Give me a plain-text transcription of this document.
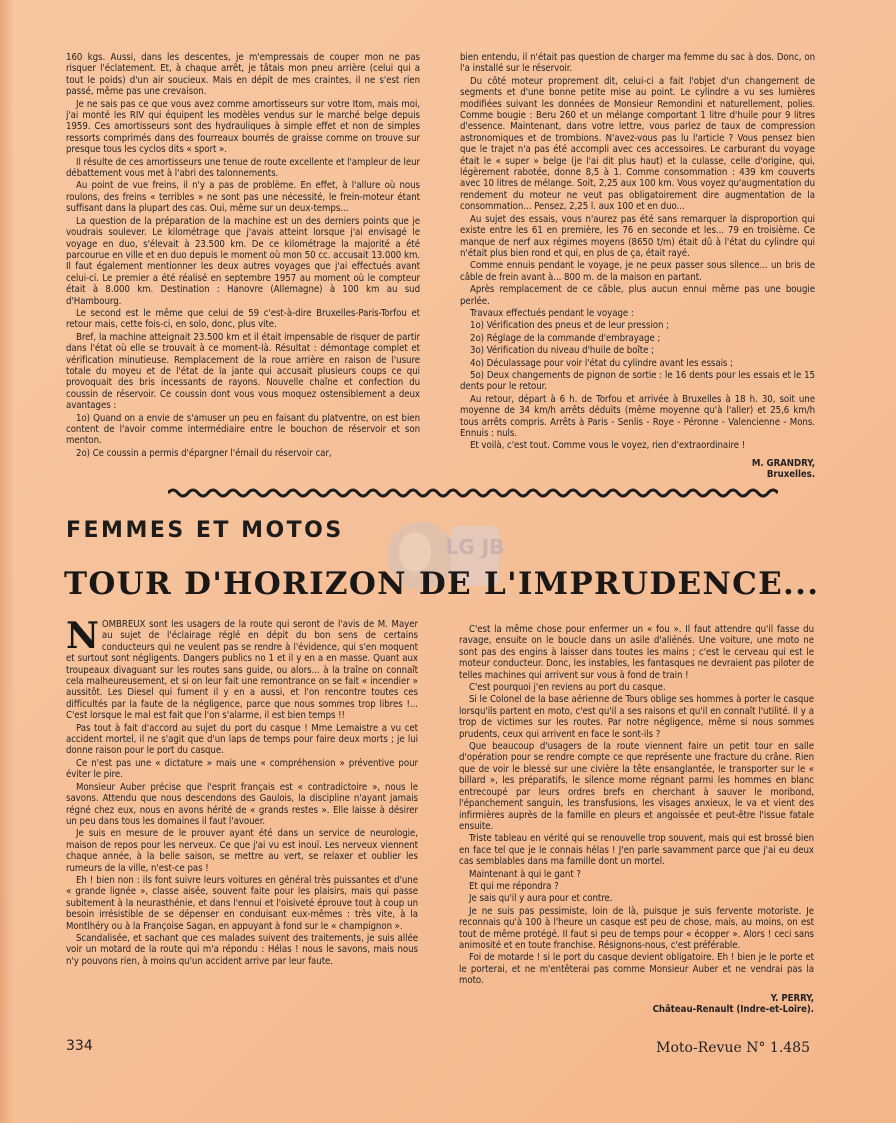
160 kgs. Aussi, dans les descentes, je m'empressais de couper mon ne pas risquer l'éclatement. Et, à chaque arrêt, je tâtais mon pneu arrière (celui qui a tout le poids) d'un air soucieux. Mais en dépit de mes craintes, il ne s'est rien passé, même pas une crevaison.

Je ne sais pas ce que vous avez comme amortisseurs sur votre Itom, mais moi, j'ai monté les RIV qui équipent les modèles vendus sur le marché belge depuis 1959. Ces amortisseurs sont des hydrauliques à simple effet et non de simples ressorts comprimés dans des fourreaux bourrés de graisse comme on trouve sur presque tous les cyclos dits « sport ».

Il résulte de ces amortisseurs une tenue de route excellente et l'ampleur de leur débattement vous met à l'abri des talonnements.

Au point de vue freins, il n'y a pas de problème. En effet, à l'allure où nous roulons, des freins « terribles » ne sont pas une nécessité, le frein-moteur étant suffisant dans la plupart des cas. Oui, même sur un deux-temps...

La question de la préparation de la machine est un des derniers points que je voudrais soulever. Le kilométrage que j'avais atteint lorsque j'ai envisagé le voyage en duo, s'élevait à 23.500 km. De ce kilométrage la majorité a été parcourue en ville et en duo depuis le moment où mon 50 cc. accusait 13.000 km. Il faut également mentionner les deux autres voyages que j'ai effectués avant celui-ci. Le premier a été réalisé en septembre 1957 au moment où le compteur était à 8.000 km. Destination : Hanovre (Allemagne) à 100 km au sud d'Hambourg.

Le second est le même que celui de 59 c'est-à-dire Bruxelles-Paris-Torfou et retour mais, cette fois-ci, en solo, donc, plus vite.

Bref, la machine atteignait 23.500 km et il était impensable de risquer de partir dans l'état où elle se trouvait à ce moment-là. Résultat : démontage complet et vérification minutieuse. Remplacement de la roue arrière en raison de l'usure totale du moyeu et de l'état de la jante qui accusait plusieurs coups ce qui provoquait des bris incessants de rayons. Nouvelle chaîne et confection du coussin de réservoir. Ce coussin dont vous vous moquez ostensiblement a deux avantages :

1o) Quand on a envie de s'amuser un peu en faisant du platventre, on est bien content de l'avoir comme intermédiaire entre le bouchon de réservoir et son menton.

2o) Ce coussin a permis d'épargner l'émail du réservoir car,

bien entendu, il n'était pas question de charger ma femme du sac à dos. Donc, on l'a installé sur le réservoir.

Du côté moteur proprement dit, celui-ci a fait l'objet d'un changement de segments et d'une bonne petite mise au point. Le cylindre a vu ses lumières modifiées suivant les données de Monsieur Remondini et naturellement, polies. Comme bougie : Beru 260 et un mélange comportant 1 litre d'huile pour 9 litres d'essence. Maintenant, dans votre lettre, vous parlez de taux de compression astronomiques et de trombions. N'avez-vous pas lu l'article ? Vous pensez bien que le trajet n'a pas été accompli avec ces accessoires. Le carburant du voyage était le « super » belge (je l'ai dit plus haut) et la culasse, celle d'origine, qui, légèrement rabotée, donne 8,5 à 1. Comme consommation : 439 km couverts avec 10 litres de mélange. Soit, 2,25 aux 100 km. Vous voyez qu'augmentation du rendement du moteur ne veut pas obligatoirement dire augmentation de la consommation... Pensez, 2,25 l. aux 100 et en duo...

Au sujet des essais, vous n'aurez pas été sans remarquer la disproportion qui existe entre les 61 en première, les 76 en seconde et les... 79 en troisième. Ce manque de nerf aux régimes moyens (8650 t/m) était dû à l'état du cylindre qui n'était plus bien rond et qui, en plus de ça, était rayé.

Comme ennuis pendant le voyage, je ne peux passer sous silence... un bris de câble de frein avant à... 800 m. de la maison en partant.

Après remplacement de ce câble, plus aucun ennui même pas une bougie perlée.

Travaux effectués pendant le voyage :

1o) Vérification des pneus et de leur pression ;

2o) Réglage de la commande d'embrayage ;

3o) Vérification du niveau d'huile de boîte ;

4o) Déculassage pour voir l'état du cylindre avant les essais ;

5o) Deux changements de pignon de sortie : le 16 dents pour les essais et le 15 dents pour le retour.

Au retour, départ à 6 h. de Torfou et arrivée à Bruxelles à 18 h. 30, soit une moyenne de 34 km/h arrêts déduits (même moyenne qu'à l'aller) et 25,6 km/h tous arrêts compris. Arrêts à Paris - Senlis - Roye - Péronne - Valencienne - Mons. Ennuis : nuls.

Et voilà, c'est tout. Comme vous le voyez, rien d'extraordinaire !

M. GRANDRY,
Bruxelles.
FEMMES ET MOTOS
LG JB
TOUR D'HORIZON DE L'IMPRUDENCE...

NOMBREUX sont les usagers de la route qui seront de l'avis de M. Mayer au sujet de l'éclairage réglé en dépit du bon sens de certains conducteurs qui ne veulent pas se rendre à l'évidence, qui s'en moquent et surtout sont négligents. Dangers publics no 1 et il y en a en masse. Quant aux troupeaux divaguant sur les routes sans guide, ou alors... à la traîne on connaît cela malheureusement, et si on leur fait une remontrance on se fait « incendier » aussitôt. Les Diesel qui fument il y en a aussi, et l'on rencontre toutes ces difficultés par la faute de la négligence, parce que nous sommes trop libres !... C'est lorsque le mal est fait que l'on s'alarme, il est bien temps !!

Pas tout à fait d'accord au sujet du port du casque ! Mme Lemaistre a vu cet accident mortel, il ne s'agit que d'un laps de temps pour faire deux morts ; je lui donne raison pour le port du casque.

Ce n'est pas une « dictature » mais une « compréhension » préventive pour éviter le pire.

Monsieur Auber précise que l'esprit français est « contradictoire », nous le savons. Attendu que nous descendons des Gaulois, la discipline n'ayant jamais régné chez eux, nous en avons hérité de « grands restes ». Elle laisse à désirer un peu dans tous les domaines il faut l'avouer.

Je suis en mesure de le prouver ayant été dans un service de neurologie, maison de repos pour les nerveux. Ce que j'ai vu est inouï. Les nerveux viennent chaque année, à la belle saison, se mettre au vert, se relaxer et oublier les rumeurs de la ville, n'est-ce pas !

Eh ! bien non : ils font suivre leurs voitures en général très puissantes et d'une « grande lignée », classe aisée, souvent faite pour les plaisirs, mais qui passe subitement à la neurasthénie, et dans l'ennui et l'oisiveté éprouve tout à coup un besoin irrésistible de se dépenser en conduisant eux-mêmes : très vite, à la Montlhéry ou à la Françoise Sagan, en appuyant à fond sur le « champignon ».

Scandalisée, et sachant que ces malades suivent des traitements, je suis allée voir un motard de la route qui m'a répondu : Hélas ! nous le savons, mais nous n'y pouvons rien, à moins qu'un accident arrive par leur faute.

C'est la même chose pour enfermer un « fou ». Il faut attendre qu'il fasse du ravage, ensuite on le boucle dans un asile d'aliénés. Une voiture, une moto ne sont pas des engins à laisser dans toutes les mains ; c'est le cerveau qui est le moteur conducteur. Donc, les instables, les fantasques ne devraient pas piloter de telles machines qui arrivent sur vous à fond de train !

C'est pourquoi j'en reviens au port du casque.

Si le Colonel de la base aérienne de Tours oblige ses hommes à porter le casque lorsqu'ils partent en moto, c'est qu'il a ses raisons et qu'il en connaît l'utilité. Il y a trop de victimes sur les routes. Par notre négligence, même si nous sommes prudents, ceux qui arrivent en face le sont-ils ?

Que beaucoup d'usagers de la route viennent faire un petit tour en salle d'opération pour se rendre compte ce que représente une fracture du crâne. Rien que de voir le blessé sur une civière la tête ensanglantée, le transporter sur le « billard », les préparatifs, le silence morne régnant parmi les hommes en blanc entrecoupé par leurs ordres brefs en cherchant à sauver le moribond, l'épanchement sanguin, les transfusions, les visages anxieux, le va et vient des infirmières auprès de la famille en pleurs et angoissée et peut-être l'issue fatale ensuite.

Triste tableau en vérité qui se renouvelle trop souvent, mais qui est brossé bien en face tel que je le connais hélas ! J'en parle savamment parce que j'ai eu deux cas semblables dans ma famille dont un mortel.

Maintenant à qui le gant ?

Et qui me répondra ?

Je sais qu'il y aura pour et contre.

Je ne suis pas pessimiste, loin de là, puisque je suis fervente motoriste. Je reconnais qu'à 100 à l'heure un casque est peu de chose, mais, au moins, on est tout de même protégé. Il faut si peu de temps pour « écopper ». Alors ! ceci sans animosité et en toute franchise. Résignons-nous, c'est préférable.

Foi de motarde ! si le port du casque devient obligatoire. Eh ! bien je le porte et le porterai, et ne m'entêterai pas comme Monsieur Auber et ne vendrai pas la moto.

Y. PERRY,
Château-Renault (Indre-et-Loire).
334	Moto-Revue N° 1.485
